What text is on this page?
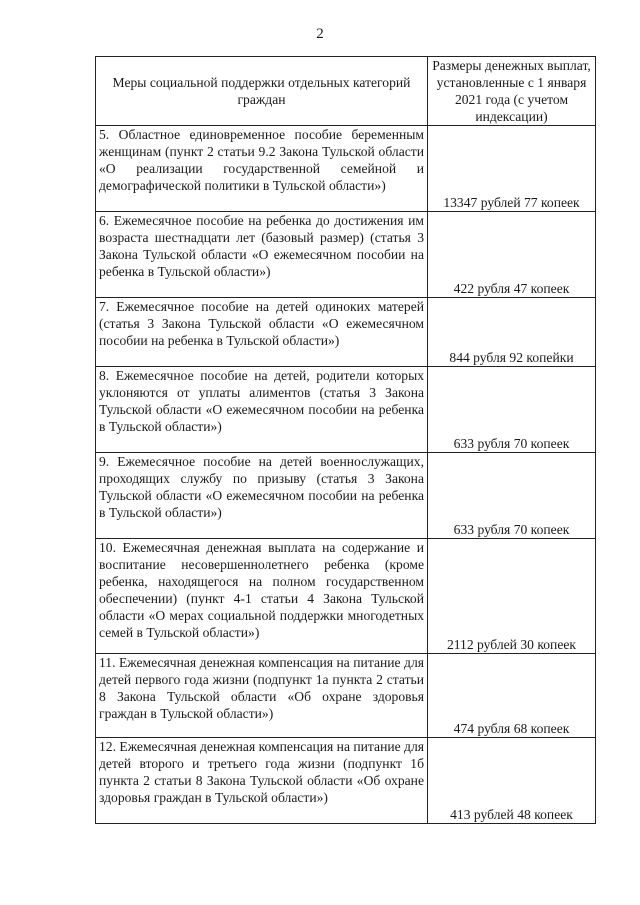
2
Меры социальной поддержки отдельных категорий граждан	Размеры денежных выплат, установленные с 1 января 2021 года (с учетом индексации)
5. Областное единовременное пособие беременным женщинам (пункт 2 статьи 9.2 Закона Тульской области «О реализации государственной семейной и демографической политики в Тульской области»)	13347 рублей 77 копеек
6. Ежемесячное пособие на ребенка до достижения им возраста шестнадцати лет (базовый размер) (статья 3 Закона Тульской области «О ежемесячном пособии на ребенка в Тульской области»)	422 рубля 47 копеек
7. Ежемесячное пособие на детей одиноких матерей (статья 3 Закона Тульской области «О ежемесячном пособии на ребенка в Тульской области»)	844 рубля 92 копейки
8. Ежемесячное пособие на детей, родители которых уклоняются от уплаты алиментов (статья 3 Закона Тульской области «О ежемесячном пособии на ребенка в Тульской области»)	633 рубля 70 копеек
9. Ежемесячное пособие на детей военнослужащих, проходящих службу по призыву (статья 3 Закона Тульской области «О ежемесячном пособии на ребенка в Тульской области»)	633 рубля 70 копеек
10. Ежемесячная денежная выплата на содержание и воспитание несовершеннолетнего ребенка (кроме ребенка, находящегося на полном государственном обеспечении) (пункт 4-1 статьи 4 Закона Тульской области «О мерах социальной поддержки многодетных семей в Тульской области»)	2112 рублей 30 копеек
11. Ежемесячная денежная компенсация на питание для детей первого года жизни (подпункт 1а пункта 2 статьи 8 Закона Тульской области «Об охране здоровья граждан в Тульской области»)	474 рубля 68 копеек
12. Ежемесячная денежная компенсация на питание для детей второго и третьего года жизни (подпункт 1б пункта 2 статьи 8 Закона Тульской области «Об охране здоровья граждан в Тульской области»)	413 рублей 48 копеек
